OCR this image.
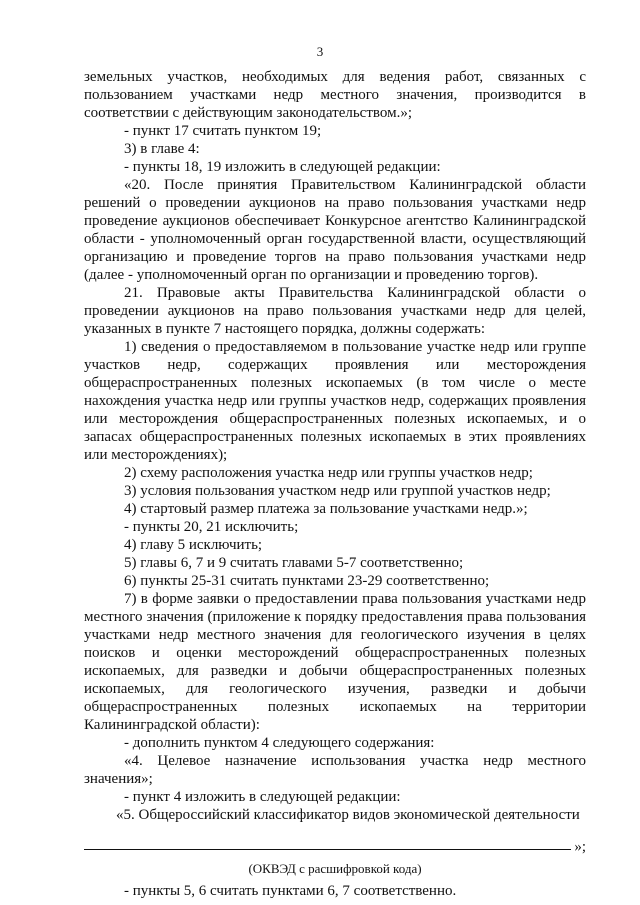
3
земельных участков, необходимых для ведения работ, связанных с
пользованием участками недр местного значения, производится в
соответствии с действующим законодательством.»;
- пункт 17 считать пунктом 19;
3) в главе 4:
- пункты 18, 19 изложить в следующей редакции:

«20. После принятия Правительством Калининградской области решений о проведении аукционов на право пользования участками недр проведение аукционов обеспечивает Конкурсное агентство Калининградской области - уполномоченный орган государственной власти, осуществляющий организацию и проведение торгов на право пользования участками недр (далее - уполномоченный орган по организации и проведению торгов).

21. Правовые акты Правительства Калининградской области о проведении аукционов на право пользования участками недр для целей, указанных в пункте 7 настоящего порядка, должны содержать:

1) сведения о предоставляемом в пользование участке недр или группе участков недр, содержащих проявления или месторождения общераспространенных полезных ископаемых (в том числе о месте нахождения участка недр или группы участков недр, содержащих проявления или месторождения общераспространенных полезных ископаемых, и о запасах общераспространенных полезных ископаемых в этих проявлениях или месторождениях);

2) схему расположения участка недр или группы участков недр;
3) условия пользования участком недр или группой участков недр;
4) стартовый размер платежа за пользование участками недр.»;
- пункты 20, 21 исключить;
4) главу 5 исключить;
5) главы 6, 7 и 9 считать главами 5-7 соответственно;
6) пункты 25-31 считать пунктами 23-29 соответственно;

7) в форме заявки о предоставлении права пользования участками недр местного значения (приложение к порядку предоставления права пользования участками недр местного значения для геологического изучения в целях поисков и оценки месторождений общераспространенных полезных ископаемых, для разведки и добычи общераспространенных полезных ископаемых, для геологического изучения, разведки и добычи общераспространенных полезных ископаемых на территории Калининградской области):

- дополнить пунктом 4 следующего содержания:

«4. Целевое назначение использования участка недр местного значения»;

- пункт 4 изложить в следующей редакции:
«5. Общероссийский классификатор видов экономической деятельности
»;
(ОКВЭД с расшифровкой кода)
- пункты 5, 6 считать пунктами 6, 7 соответственно.
